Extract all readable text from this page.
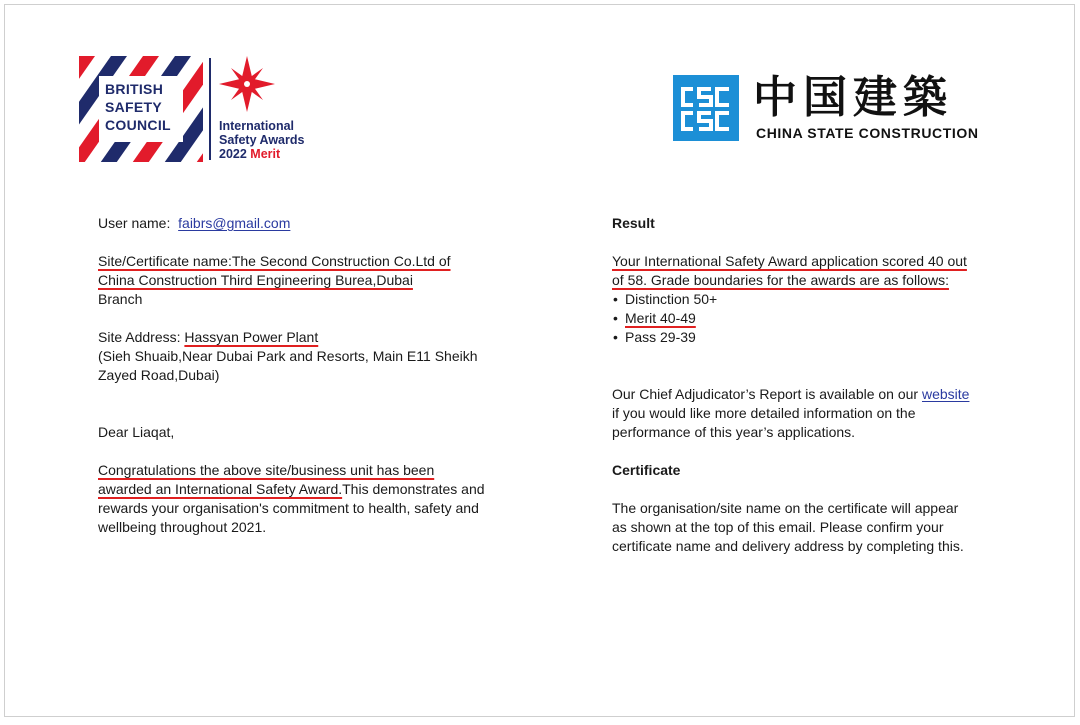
BRITISH
SAFETY
COUNCIL	International
Safety Awards
2022 Merit
中国建築
CHINA STATE CONSTRUCTION

User name: faibrs@gmail.com

Site/Certificate name:The Second Construction Co.Ltd of China Construction Third Engineering Burea,Dubai
Branch

Site Address: Hassyan Power Plant
(Sieh Shuaib,Near Dubai Park and Resorts, Main E11 Sheikh Zayed Road,Dubai)

Dear Liaqat,

Congratulations the above site/business unit has been awarded an International Safety Award.This demonstrates and rewards your organisation's commitment to health, safety and wellbeing throughout 2021.

Result

Your International Safety Award application scored 40 out of 58. Grade boundaries for the awards are as follows:

• Distinction 50+
• Merit 40-49
• Pass 29-39

Our Chief Adjudicator’s Report is available on our website if you would like more detailed information on the performance of this year’s applications.

Certificate

The organisation/site name on the certificate will appear as shown at the top of this email. Please confirm your certificate name and delivery address by completing this.
